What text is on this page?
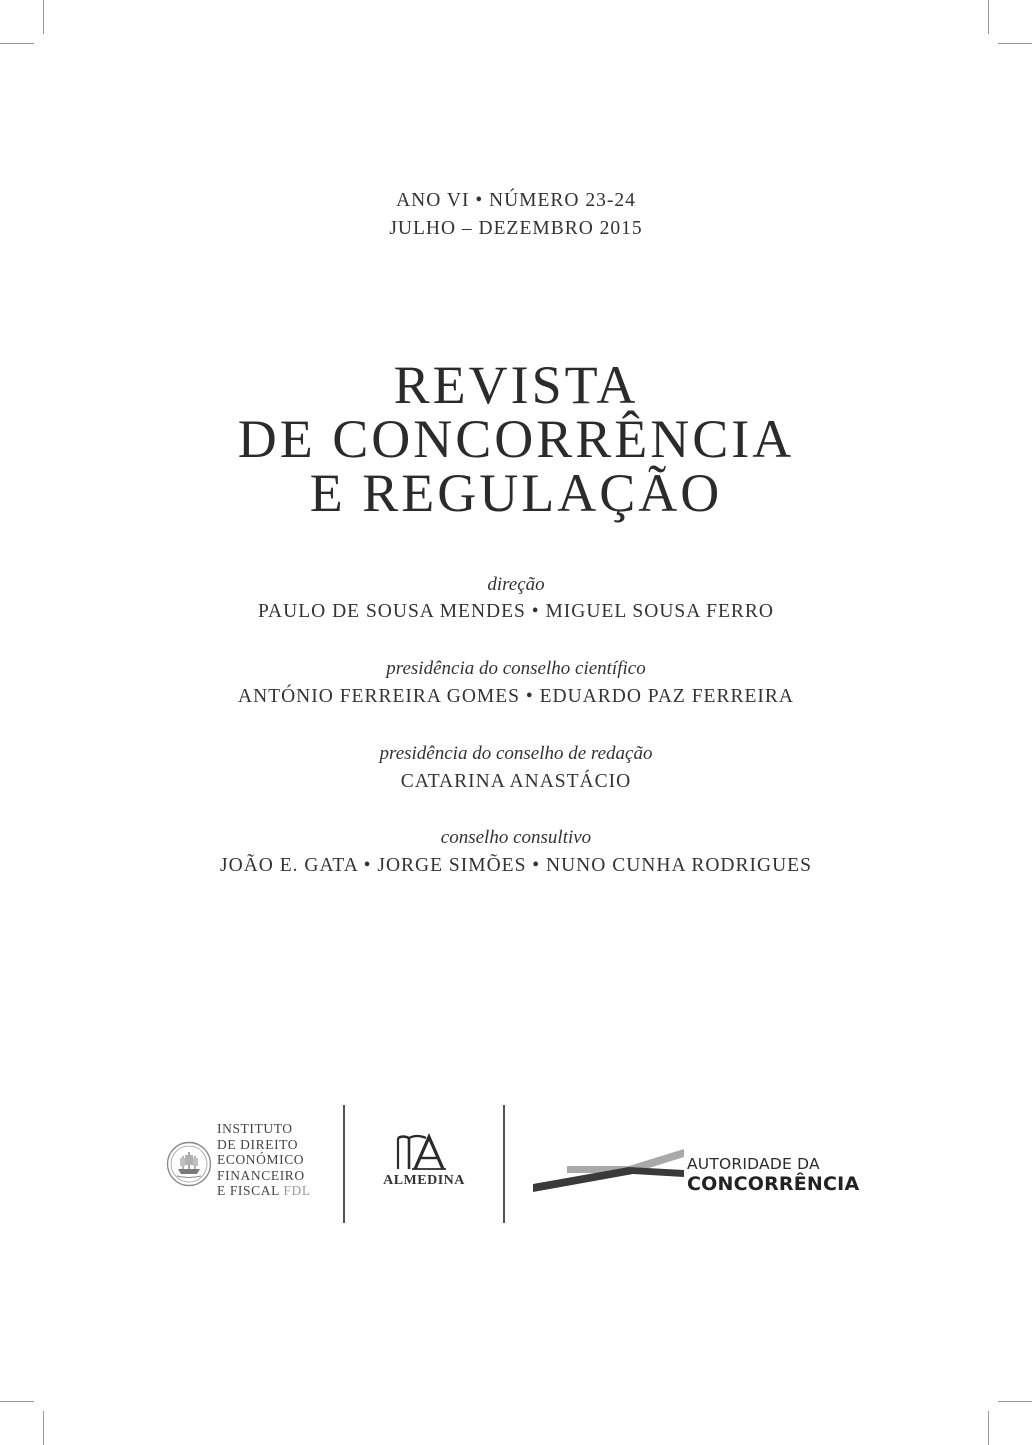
ANO VI • NÚMERO 23-24
JULHO – DEZEMBRO 2015
REVISTA
DE CONCORRÊNCIA
E REGULAÇÃO
direção
PAULO DE SOUSA MENDES • MIGUEL SOUSA FERRO
presidência do conselho científico
ANTÓNIO FERREIRA GOMES • EDUARDO PAZ FERREIRA
presidência do conselho de redação
CATARINA ANASTÁCIO
conselho consultivo
JOÃO E. GATA • JORGE SIMÕES • NUNO CUNHA RODRIGUES
INSTITUTO
DE DIREITO
ECONÓMICO
FINANCEIRO
E FISCAL FDL
ALMEDINA
AUTORIDADE DA
CONCORRÊNCIA
